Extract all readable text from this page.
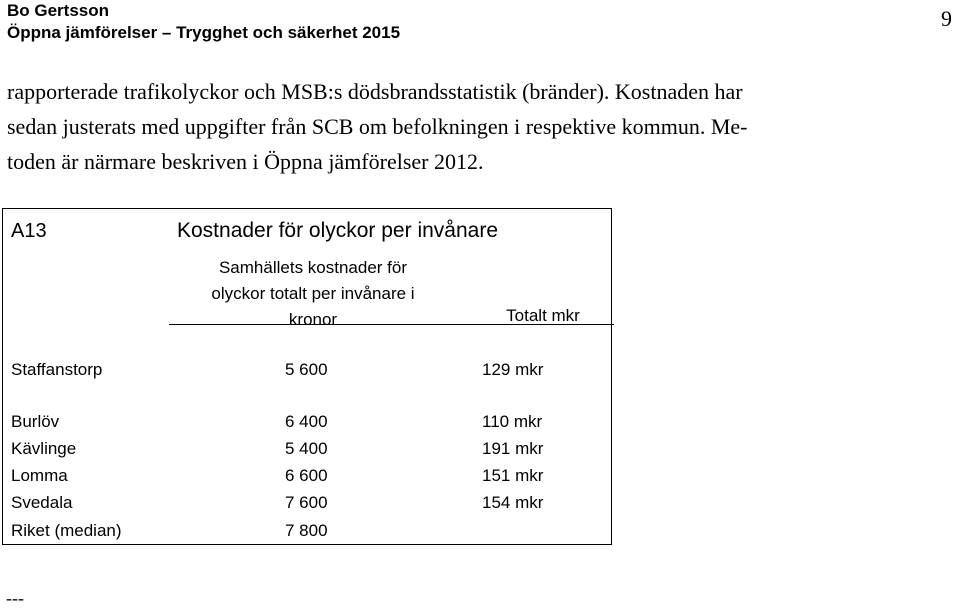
Bo Gertsson
Öppna jämförelser – Trygghet och säkerhet 2015
9
rapporterade trafikolyckor och MSB:s dödsbrandsstatistik (bränder). Kostnaden har
sedan justerats med uppgifter från SCB om befolkningen i respektive kommun. Me-
toden är närmare beskriven i Öppna jämförelser 2012.
A13	Kostnader för olyckor per invånare
Samhällets kostnader för
olyckor totalt per invånare i
kronor	Totalt mkr
Staffanstorp	5 600	129 mkr
Burlöv	6 400	110 mkr
Kävlinge	5 400	191 mkr
Lomma	6 600	151 mkr
Svedala	7 600	154 mkr
Riket (median)	7 800
---
